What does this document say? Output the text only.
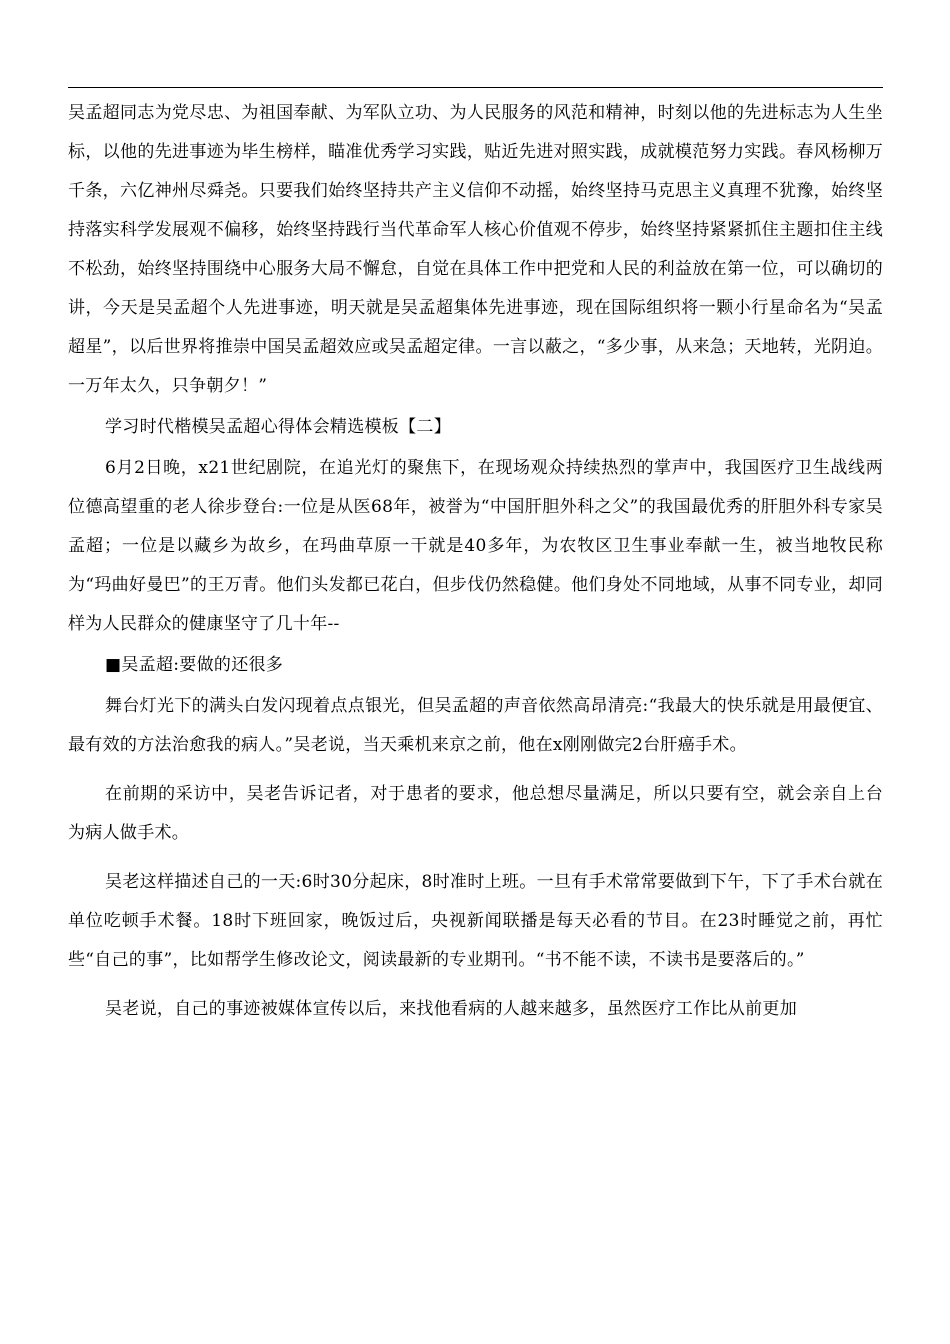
吴孟超同志为党尽忠、为祖国奉献、为军队立功、为人民服务的风范和精神，时刻以他的先进标志为人生坐标，以他的先进事迹为毕生榜样，瞄准优秀学习实践，贴近先进对照实践，成就模范努力实践。春风杨柳万千条，六亿神州尽舜尧。只要我们始终坚持共产主义信仰不动摇，始终坚持马克思主义真理不犹豫，始终坚持落实科学发展观不偏移，始终坚持践行当代革命军人核心价值观不停步，始终坚持紧紧抓住主题扣住主线不松劲，始终坚持围绕中心服务大局不懈怠，自觉在具体工作中把党和人民的利益放在第一位，可以确切的讲，今天是吴孟超个人先进事迹，明天就是吴孟超集体先进事迹，现在国际组织将一颗小行星命名为“吴孟超星”，以后世界将推崇中国吴孟超效应或吴孟超定律。一言以蔽之，“多少事，从来急；天地转，光阴迫。一万年太久，只争朝夕！”

学习时代楷模吴孟超心得体会精选模板【二】

6月2日晚，x21世纪剧院，在追光灯的聚焦下，在现场观众持续热烈的掌声中，我国医疗卫生战线两位德高望重的老人徐步登台:一位是从医68年，被誉为“中国肝胆外科之父”的我国最优秀的肝胆外科专家吴孟超；一位是以藏乡为故乡，在玛曲草原一干就是40多年，为农牧区卫生事业奉献一生，被当地牧民称为“玛曲好曼巴”的王万青。他们头发都已花白，但步伐仍然稳健。他们身处不同地域，从事不同专业，却同样为人民群众的健康坚守了几十年--

■吴孟超:要做的还很多

舞台灯光下的满头白发闪现着点点银光，但吴孟超的声音依然高昂清亮:“我最大的快乐就是用最便宜、最有效的方法治愈我的病人。”吴老说，当天乘机来京之前，他在x刚刚做完2台肝癌手术。

在前期的采访中，吴老告诉记者，对于患者的要求，他总想尽量满足，所以只要有空，就会亲自上台为病人做手术。

吴老这样描述自己的一天:6时30分起床，8时准时上班。一旦有手术常常要做到下午，下了手术台就在单位吃顿手术餐。18时下班回家，晚饭过后，央视新闻联播是每天必看的节目。在23时睡觉之前，再忙些“自己的事”，比如帮学生修改论文，阅读最新的专业期刊。“书不能不读，不读书是要落后的。”

吴老说，自己的事迹被媒体宣传以后，来找他看病的人越来越多，虽然医疗工作比从前更加
